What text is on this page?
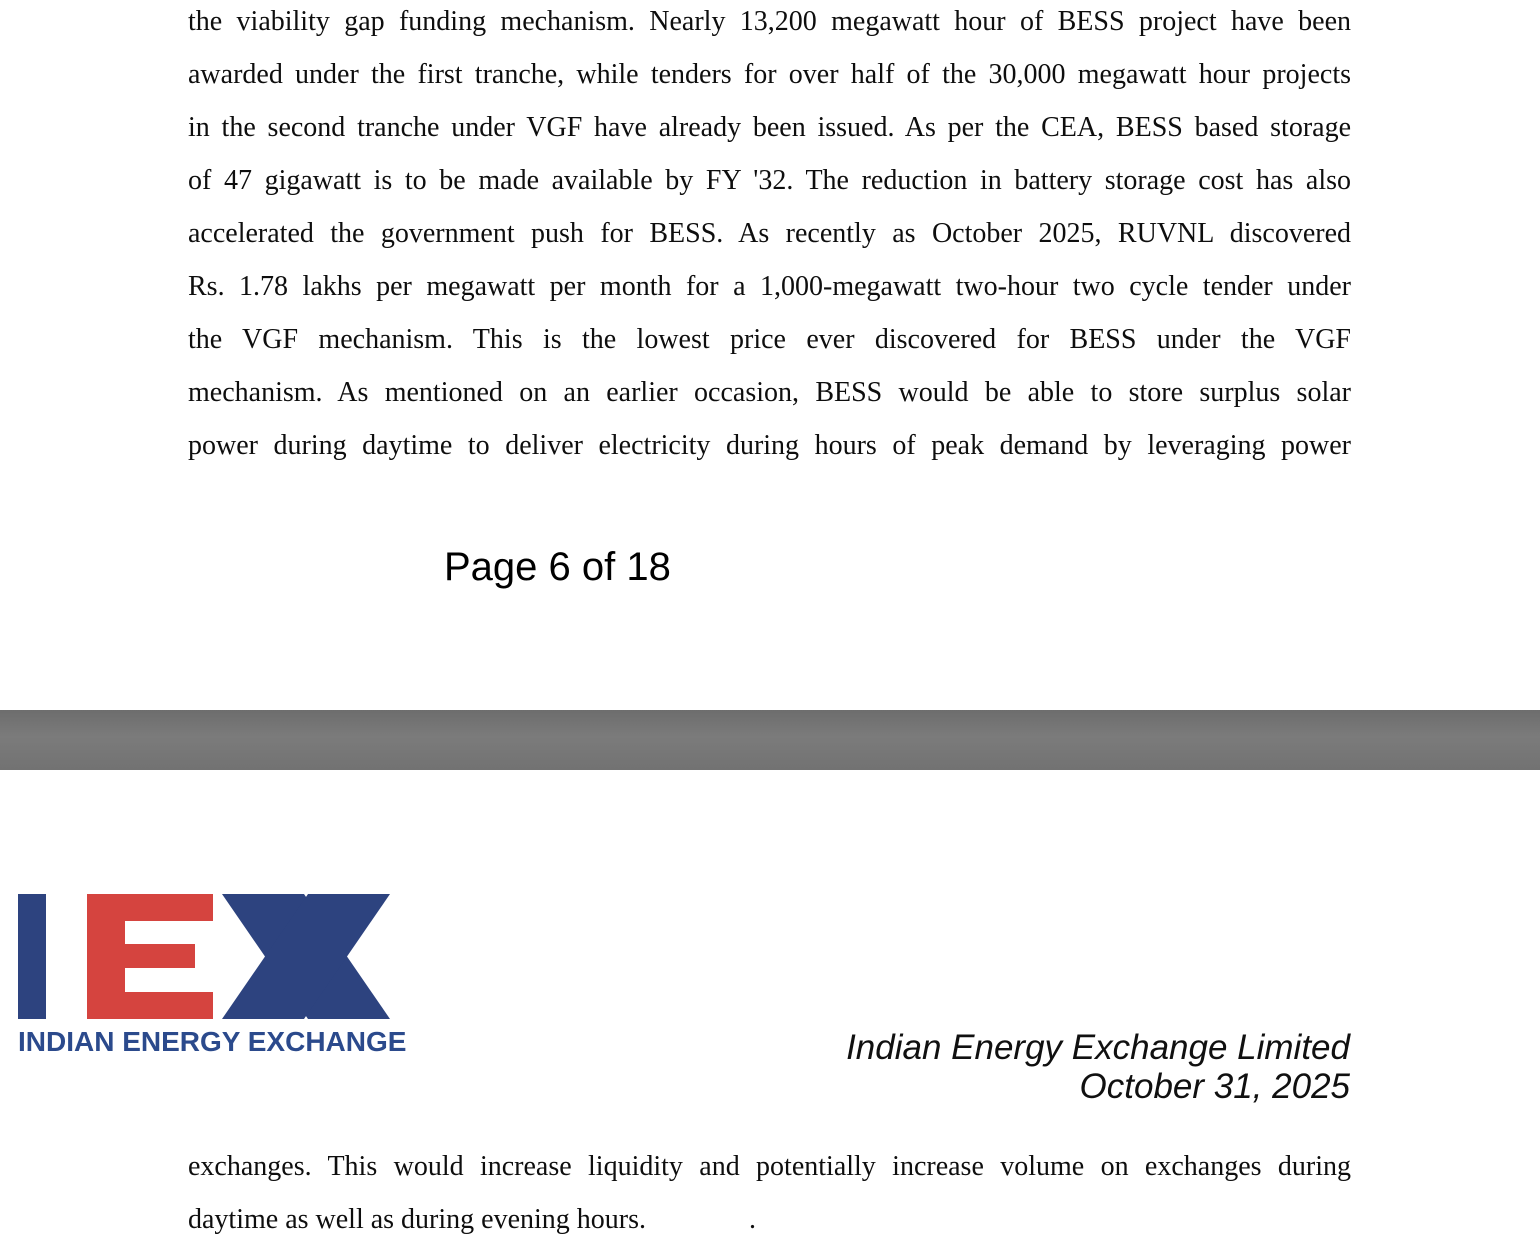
the viability gap funding mechanism. Nearly 13,200 megawatt hour of BESS project have been
awarded under the first tranche, while tenders for over half of the 30,000 megawatt hour projects
in the second tranche under VGF have already been issued. As per the CEA, BESS based storage
of 47 gigawatt is to be made available by FY '32. The reduction in battery storage cost has also
accelerated the government push for BESS. As recently as October 2025, RUVNL discovered
Rs. 1.78 lakhs per megawatt per month for a 1,000-megawatt two-hour two cycle tender under
the VGF mechanism. This is the lowest price ever discovered for BESS under the VGF
mechanism. As mentioned on an earlier occasion, BESS would be able to store surplus solar
power during daytime to deliver electricity during hours of peak demand by leveraging power
Page 6 of 18
INDIAN ENERGY EXCHANGE	Indian Energy Exchange Limited
October 31, 2025
exchanges. This would increase liquidity and potentially increase volume on exchanges during
daytime as well as during evening hours.	.
